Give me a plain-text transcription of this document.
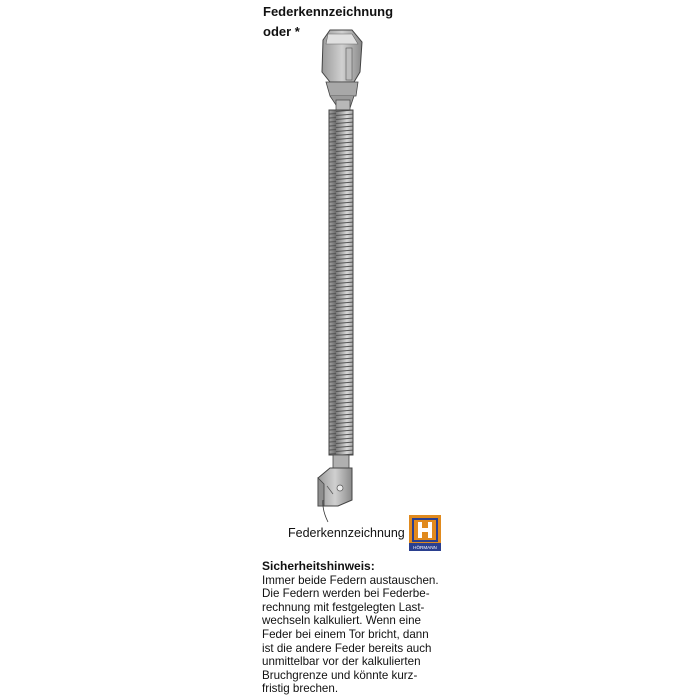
Federkennzeichnung
oder *
Federkennzeichnung
HÖRMANN
Sicherheitshinweis:
Immer beide Federn austauschen.
Die Federn werden bei Federbe-
rechnung mit festgelegten Last-
wechseln kalkuliert. Wenn eine
Feder bei einem Tor bricht, dann
ist die andere Feder bereits auch
unmittelbar vor der kalkulierten
Bruchgrenze und könnte kurz-
fristig brechen.
